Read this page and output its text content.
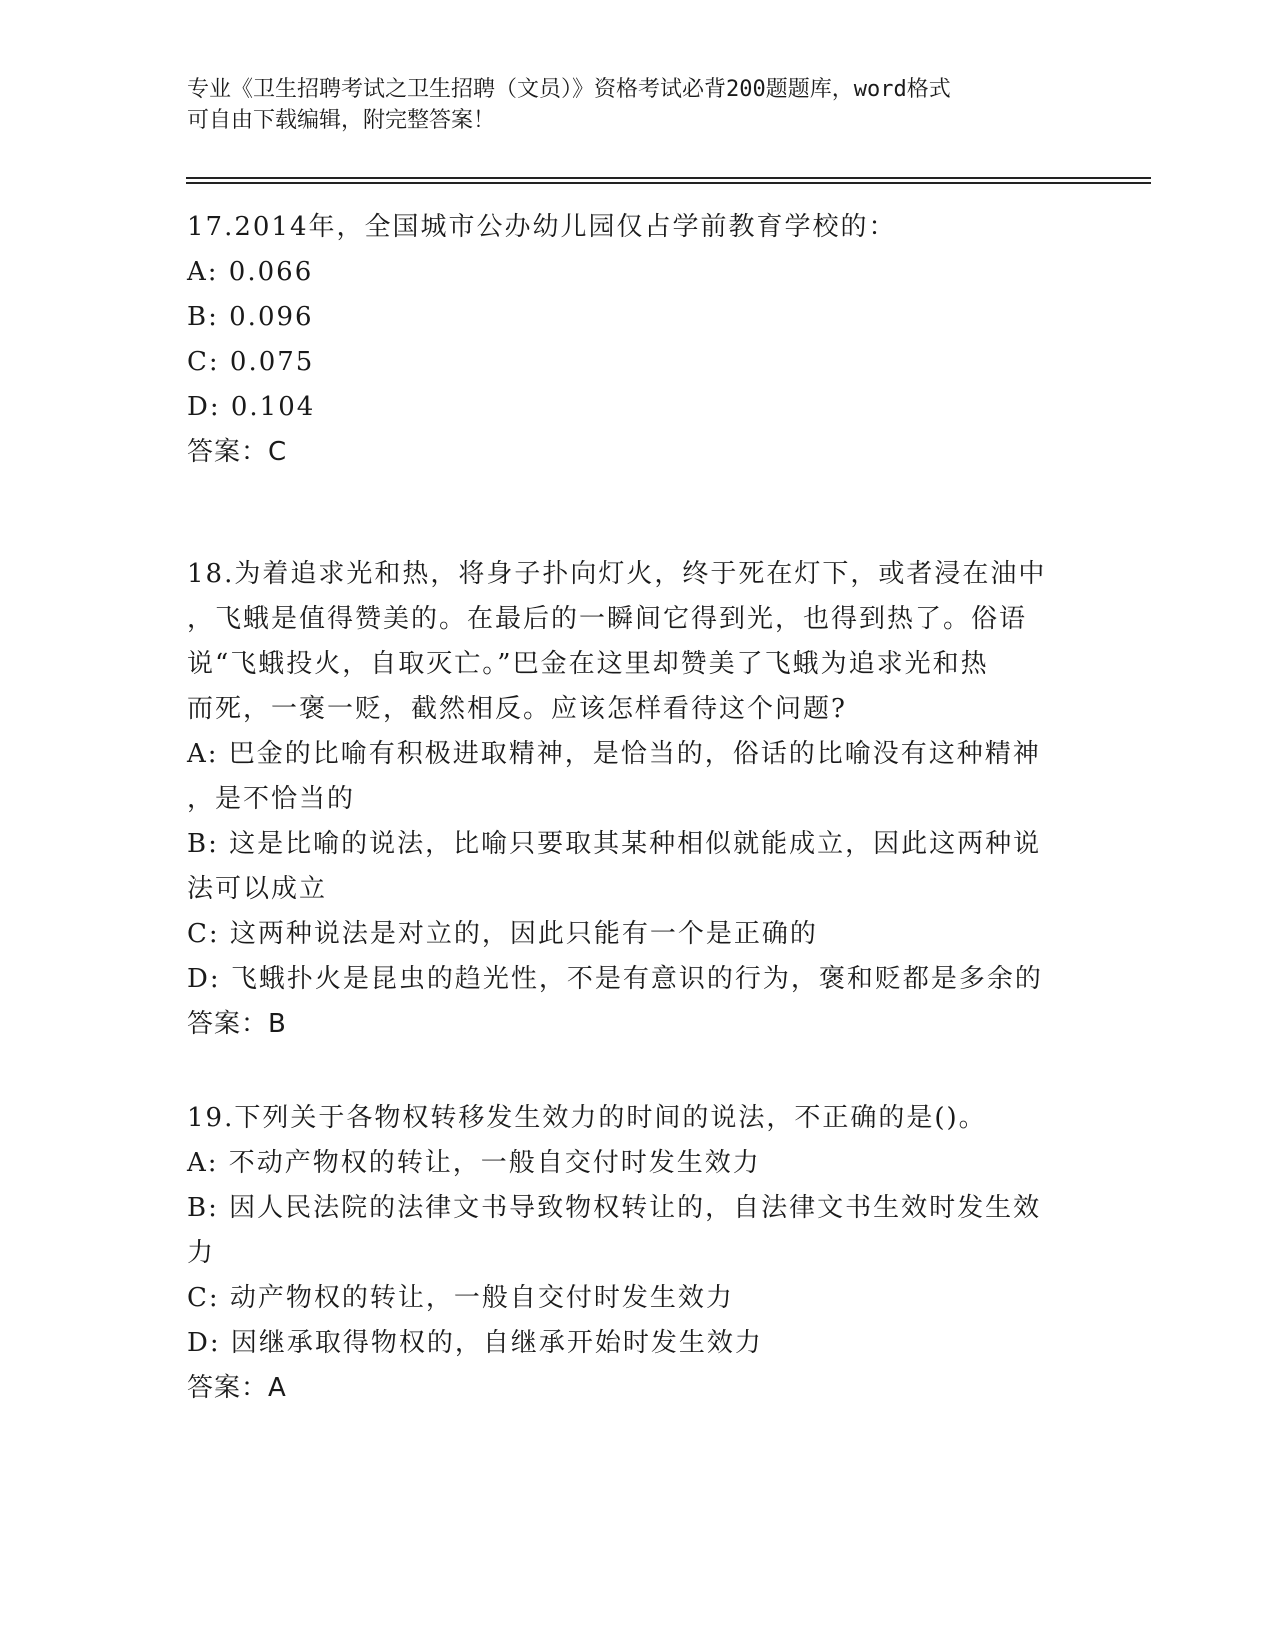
专业《卫生招聘考试之卫生招聘（文员）》资格考试必背200题题库，word格式
可自由下载编辑，附完整答案！
17.2014年，全国城市公办幼儿园仅占学前教育学校的：
A: 0.066
B: 0.096
C: 0.075
D: 0.104
答案：C
18.为着追求光和热，将身子扑向灯火，终于死在灯下，或者浸在油中
，飞蛾是值得赞美的。在最后的一瞬间它得到光，也得到热了。俗语
说“飞蛾投火，自取灭亡。”巴金在这里却赞美了飞蛾为追求光和热
而死，一褒一贬，截然相反。应该怎样看待这个问题?
A: 巴金的比喻有积极进取精神，是恰当的，俗话的比喻没有这种精神
，是不恰当的
B: 这是比喻的说法，比喻只要取其某种相似就能成立，因此这两种说
法可以成立
C: 这两种说法是对立的，因此只能有一个是正确的
D: 飞蛾扑火是昆虫的趋光性，不是有意识的行为，褒和贬都是多余的
答案：B
19.下列关于各物权转移发生效力的时间的说法，不正确的是()。
A: 不动产物权的转让，一般自交付时发生效力
B: 因人民法院的法律文书导致物权转让的，自法律文书生效时发生效
力
C: 动产物权的转让，一般自交付时发生效力
D: 因继承取得物权的，自继承开始时发生效力
答案：A
